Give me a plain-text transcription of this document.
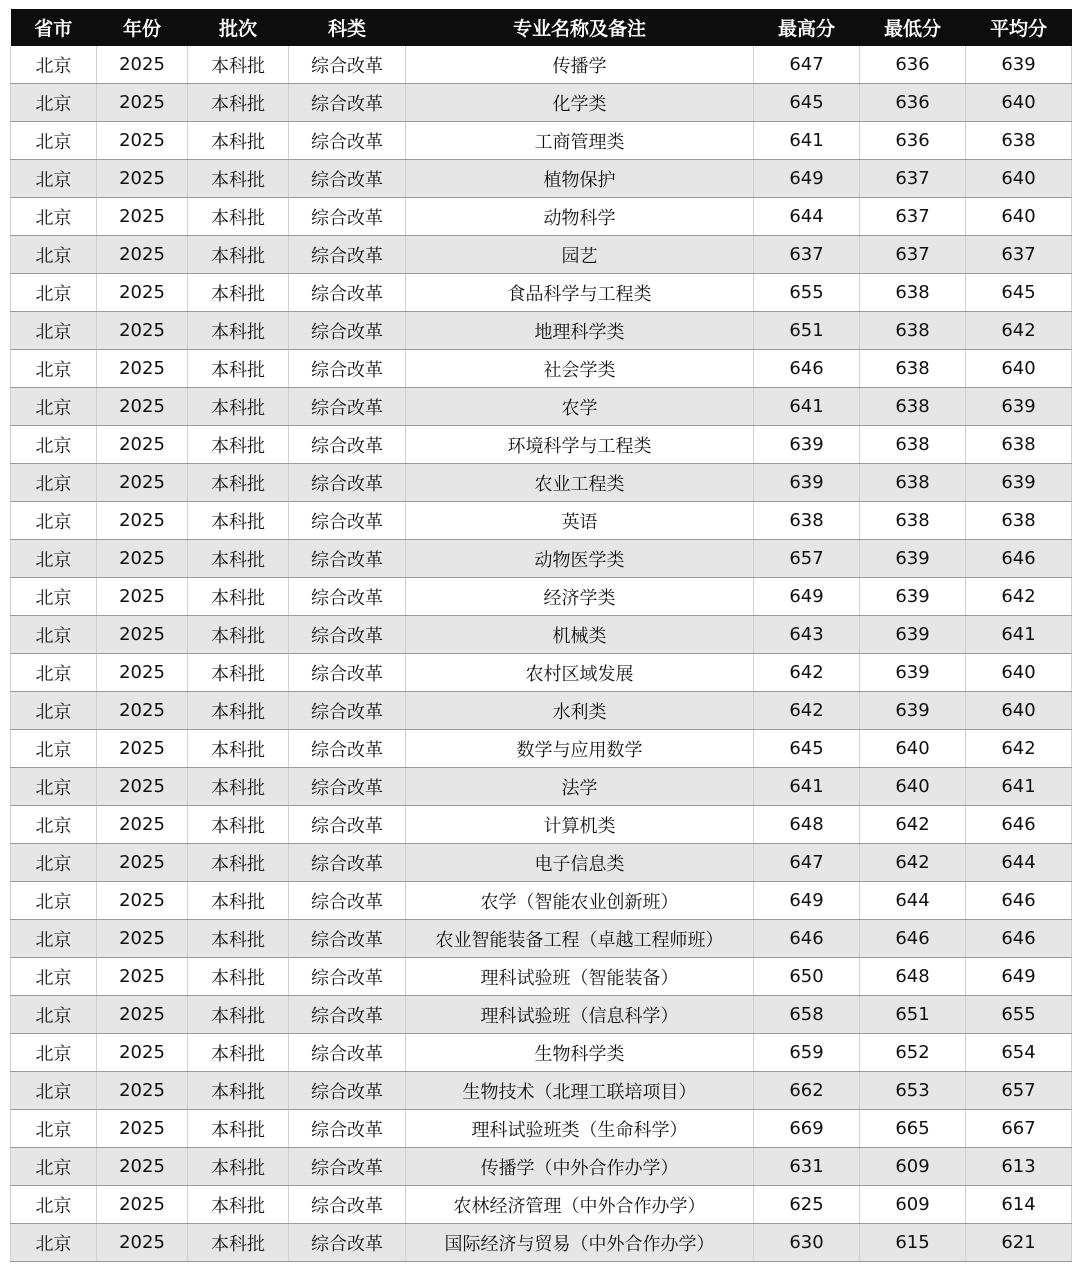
省市	年份	批次	科类	专业名称及备注	最高分	最低分	平均分
北京	2025	本科批	综合改革	传播学	647	636	639
北京	2025	本科批	综合改革	化学类	645	636	640
北京	2025	本科批	综合改革	工商管理类	641	636	638
北京	2025	本科批	综合改革	植物保护	649	637	640
北京	2025	本科批	综合改革	动物科学	644	637	640
北京	2025	本科批	综合改革	园艺	637	637	637
北京	2025	本科批	综合改革	食品科学与工程类	655	638	645
北京	2025	本科批	综合改革	地理科学类	651	638	642
北京	2025	本科批	综合改革	社会学类	646	638	640
北京	2025	本科批	综合改革	农学	641	638	639
北京	2025	本科批	综合改革	环境科学与工程类	639	638	638
北京	2025	本科批	综合改革	农业工程类	639	638	639
北京	2025	本科批	综合改革	英语	638	638	638
北京	2025	本科批	综合改革	动物医学类	657	639	646
北京	2025	本科批	综合改革	经济学类	649	639	642
北京	2025	本科批	综合改革	机械类	643	639	641
北京	2025	本科批	综合改革	农村区域发展	642	639	640
北京	2025	本科批	综合改革	水利类	642	639	640
北京	2025	本科批	综合改革	数学与应用数学	645	640	642
北京	2025	本科批	综合改革	法学	641	640	641
北京	2025	本科批	综合改革	计算机类	648	642	646
北京	2025	本科批	综合改革	电子信息类	647	642	644
北京	2025	本科批	综合改革	农学（智能农业创新班）	649	644	646
北京	2025	本科批	综合改革	农业智能装备工程（卓越工程师班）	646	646	646
北京	2025	本科批	综合改革	理科试验班（智能装备）	650	648	649
北京	2025	本科批	综合改革	理科试验班（信息科学）	658	651	655
北京	2025	本科批	综合改革	生物科学类	659	652	654
北京	2025	本科批	综合改革	生物技术（北理工联培项目）	662	653	657
北京	2025	本科批	综合改革	理科试验班类（生命科学）	669	665	667
北京	2025	本科批	综合改革	传播学（中外合作办学）	631	609	613
北京	2025	本科批	综合改革	农林经济管理（中外合作办学）	625	609	614
北京	2025	本科批	综合改革	国际经济与贸易（中外合作办学）	630	615	621
